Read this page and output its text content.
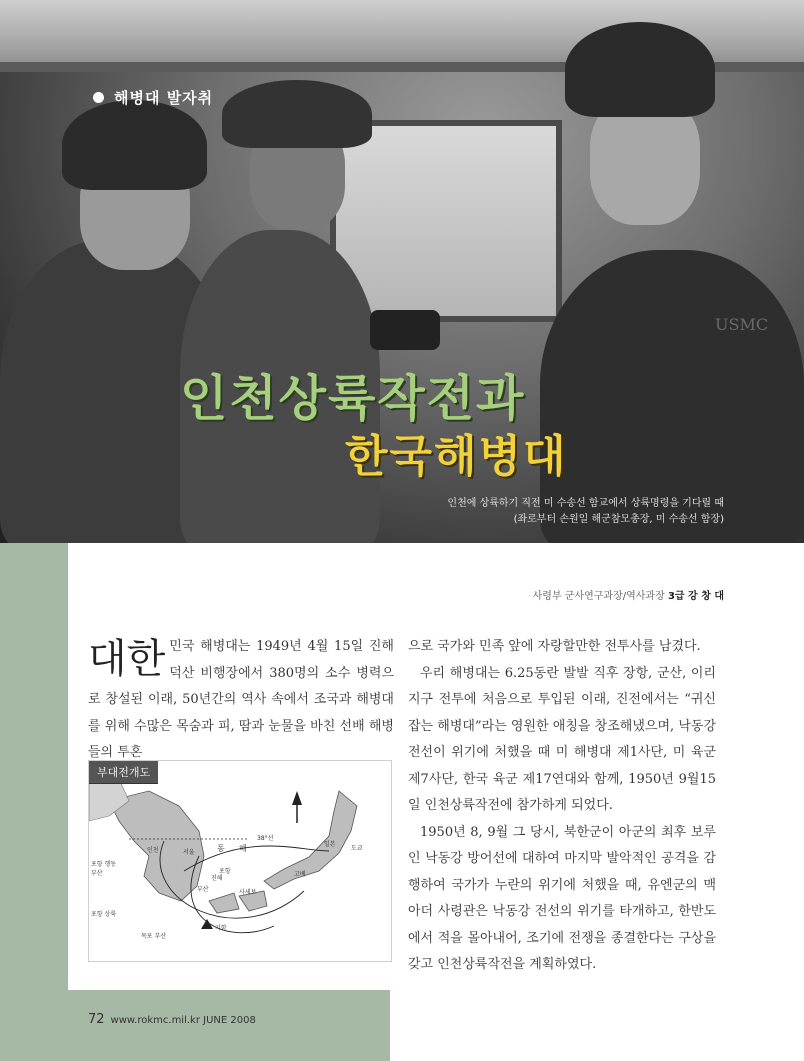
USMC
해병대 발자취
인천상륙작전과
한국해병대
인천에 상륙하기 직전 미 수송선 함교에서 상륙명령을 기다릴 때
(좌로부터 손원일 해군참모총장, 미 수송선 함장)
사령부 군사연구과장/역사과장 3급 강 창 대

대한 민국 해병대는 1949년 4월 15일 진해 덕산 비행장에서 380명의 소수 병력으로 창설된 이래, 50년간의 역사 속에서 조국과 해병대를 위해 수많은 목숨과 피, 땀과 눈물을 바친 선배 해병들의 투혼

부대전개도
인천	서울
부산
동 해
38°선
포항
일본
도쿄
고베
사세보
진해
포항 행동 부산
포항 상륙
목포 부산
기함

으로 국가와 민족 앞에 자랑할만한 전투사를 남겼다.

우리 해병대는 6.25동란 발발 직후 장항, 군산, 이리 지구 전투에 처음으로 투입된 이래, 진전에서는 “귀신 잡는 해병대”라는 영원한 애칭을 창조해냈으며, 낙동강 전선이 위기에 처했을 때 미 해병대 제1사단, 미 육군 제7사단, 한국 육군 제17연대와 함께, 1950년 9월15일 인천상륙작전에 참가하게 되었다.

1950년 8, 9월 그 당시, 북한군이 아군의 최후 보루인 낙동강 방어선에 대하여 마지막 발악적인 공격을 감행하여 국가가 누란의 위기에 처했을 때, 유엔군의 맥아더 사령관은 낙동강 전선의 위기를 타개하고, 한반도에서 적을 몰아내어, 조기에 전쟁을 종결한다는 구상을 갖고 인천상륙작전을 계획하였다.

72 www.rokmc.mil.kr JUNE 2008
